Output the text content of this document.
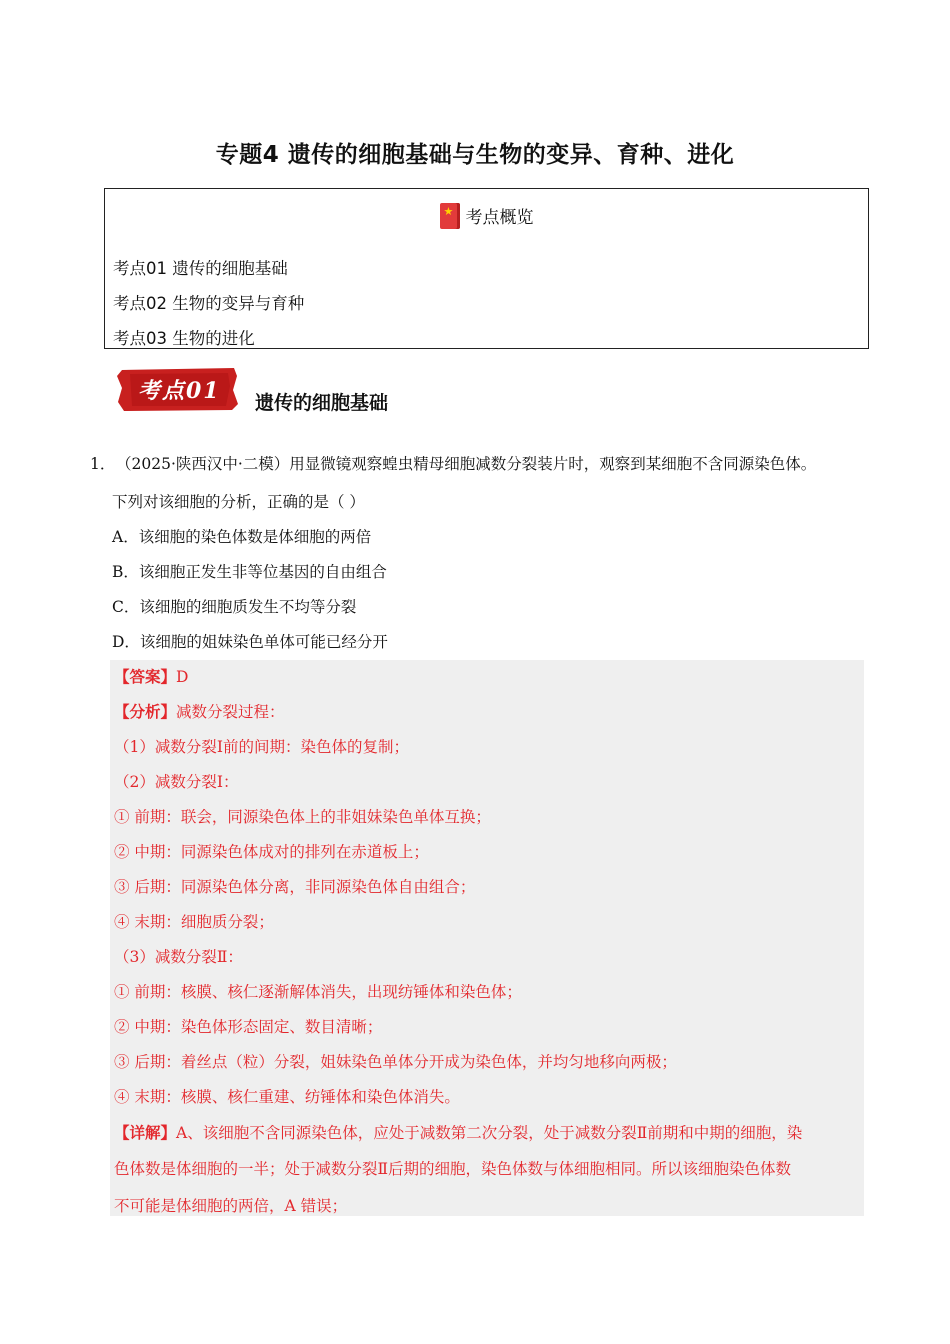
专题4 遗传的细胞基础与生物的变异、育种、进化
★考点概览
考点01 遗传的细胞基础
考点02 生物的变异与育种
考点03 生物的进化
考点01 遗传的细胞基础
1． （2025·陕西汉中·二模）用显微镜观察蝗虫精母细胞减数分裂装片时，观察到某细胞不含同源染色体。
下列对该细胞的分析，正确的是（ ）
A．该细胞的染色体数是体细胞的两倍
B．该细胞正发生非等位基因的自由组合
C．该细胞的细胞质发生不均等分裂
D．该细胞的姐妹染色单体可能已经分开
【答案】D
【分析】减数分裂过程：
（1）减数分裂Ⅰ前的间期：染色体的复制；
（2）减数分裂Ⅰ：
① 前期：联会，同源染色体上的非姐妹染色单体互换；
② 中期：同源染色体成对的排列在赤道板上；
③ 后期：同源染色体分离，非同源染色体自由组合；
④ 末期：细胞质分裂；
（3）减数分裂Ⅱ：
① 前期：核膜、核仁逐渐解体消失，出现纺锤体和染色体；
② 中期：染色体形态固定、数目清晰；
③ 后期：着丝点（粒）分裂，姐妹染色单体分开成为染色体，并均匀地移向两极；
④ 末期：核膜、核仁重建、纺锤体和染色体消失。
【详解】A、该细胞不含同源染色体，应处于减数第二次分裂，处于减数分裂Ⅱ前期和中期的细胞，染
色体数是体细胞的一半；处于减数分裂Ⅱ后期的细胞，染色体数与体细胞相同。所以该细胞染色体数
不可能是体细胞的两倍，A 错误；
